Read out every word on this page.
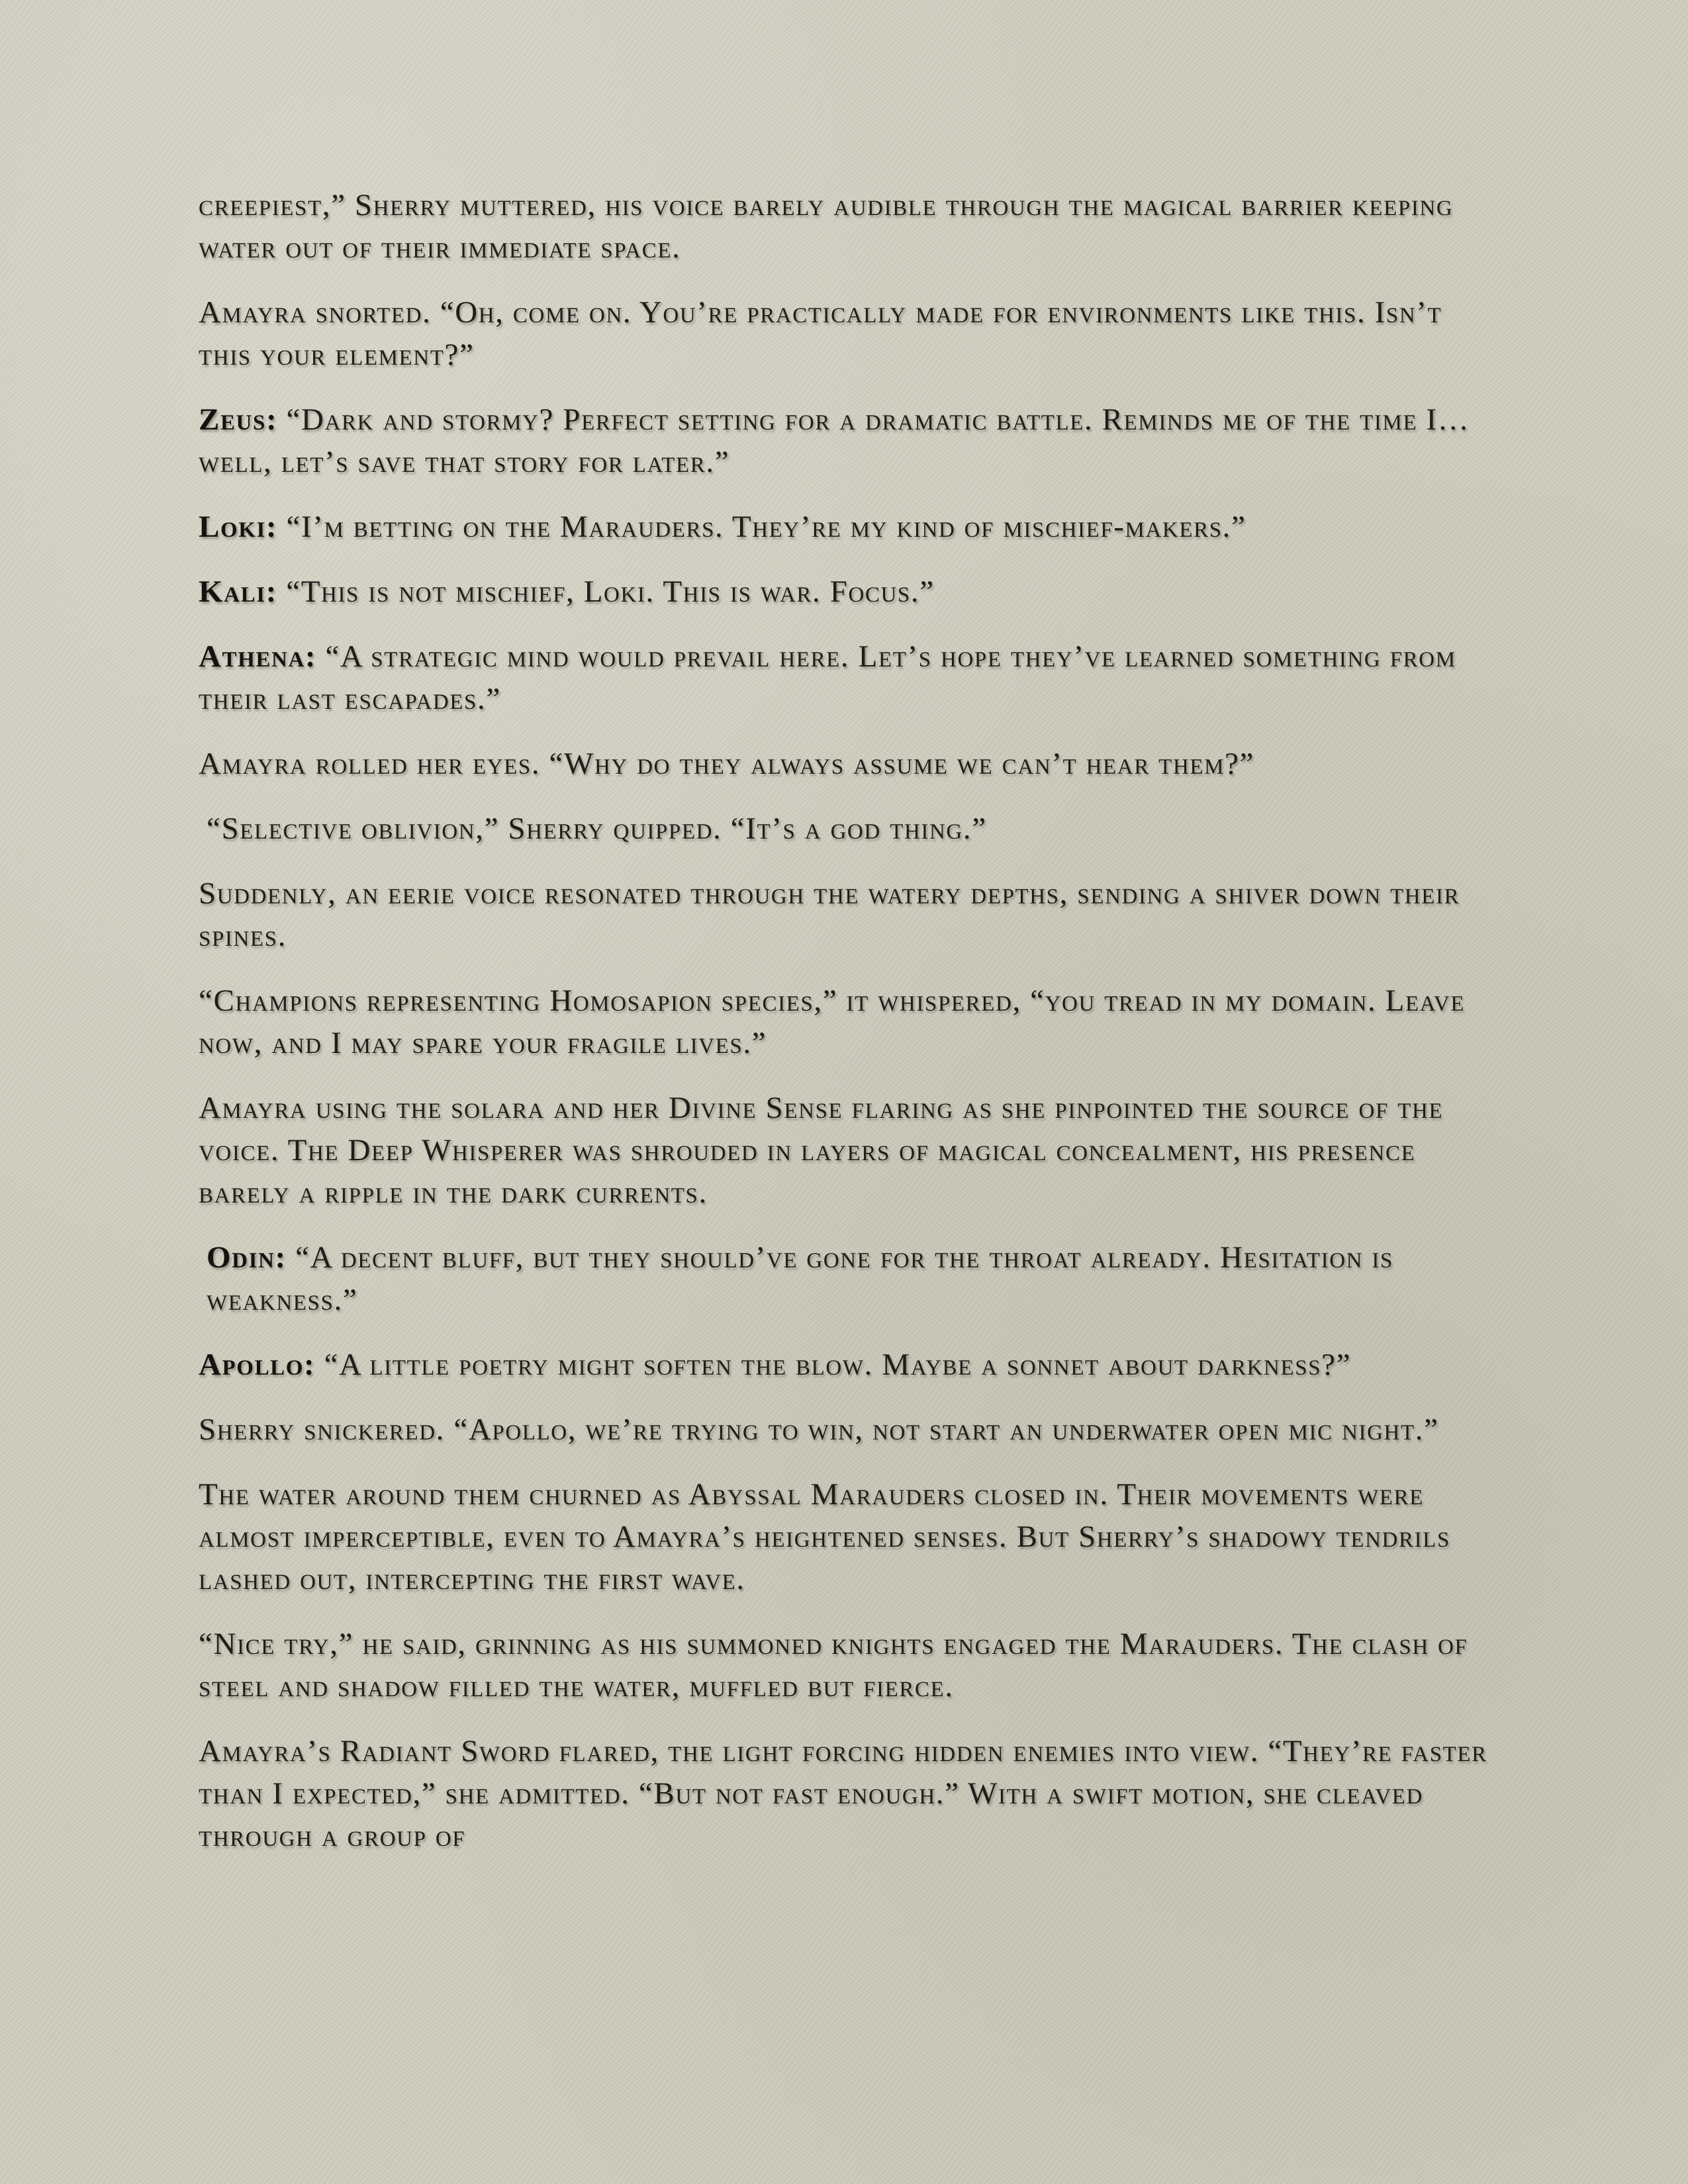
creepiest,” Sherry muttered, his voice barely audible through the magical barrier keeping water out of their immediate space.

Amayra snorted. “Oh, come on. You’re practically made for environments like this. Isn’t this your element?”

Zeus: “Dark and stormy? Perfect setting for a dramatic battle. Reminds me of the time I… well, let’s save that story for later.”

Loki: “I’m betting on the Marauders. They’re my kind of mischief-makers.”

Kali: “This is not mischief, Loki. This is war. Focus.”

Athena: “A strategic mind would prevail here. Let’s hope they’ve learned something from their last escapades.”

Amayra rolled her eyes. “Why do they always assume we can’t hear them?”

“Selective oblivion,” Sherry quipped. “It’s a god thing.”

Suddenly, an eerie voice resonated through the watery depths, sending a shiver down their spines.

“Champions representing Homosapion species,” it whispered, “you tread in my domain. Leave now, and I may spare your fragile lives.”

Amayra using the solara and her Divine Sense flaring as she pinpointed the source of the voice. The Deep Whisperer was shrouded in layers of magical concealment, his presence barely a ripple in the dark currents.

Odin: “A decent bluff, but they should’ve gone for the throat already. Hesitation is weakness.”

Apollo: “A little poetry might soften the blow. Maybe a sonnet about darkness?”

Sherry snickered. “Apollo, we’re trying to win, not start an underwater open mic night.”

The water around them churned as Abyssal Marauders closed in. Their movements were almost imperceptible, even to Amayra’s heightened senses. But Sherry’s shadowy tendrils lashed out, intercepting the first wave.

“Nice try,” he said, grinning as his summoned knights engaged the Marauders. The clash of steel and shadow filled the water, muffled but fierce.

Amayra’s Radiant Sword flared, the light forcing hidden enemies into view. “They’re faster than I expected,” she admitted. “But not fast enough.” With a swift motion, she cleaved through a group of
